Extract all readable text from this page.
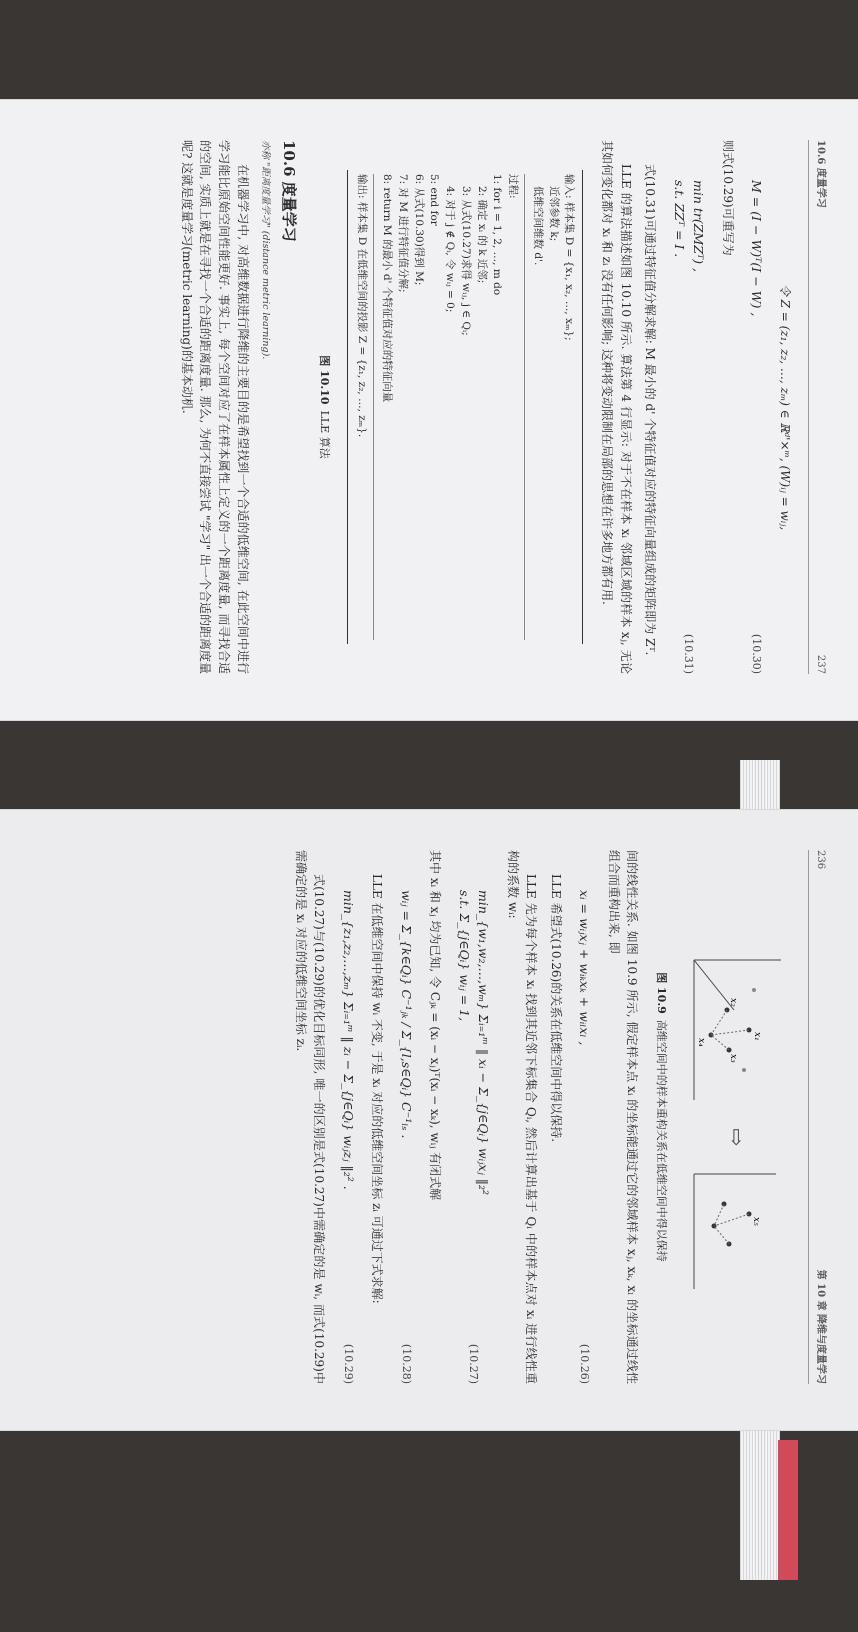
10.6 度量学习
237
令 Z = (z₁, z₂, …, zₘ) ∈ ℝᵈ'×ᵐ, (W)ᵢⱼ = wᵢⱼ,
M = (I − W)ᵀ(I − W) ,
(10.30)
则式(10.29)可重写为
min tr(ZMZᵀ) ,
s.t. ZZᵀ = I .
(10.31)
式(10.31)可通过特征值分解求解: M 最小的 d' 个特征值对应的特征向量组成的矩阵即为 Zᵀ.
LLE 的算法描述如图 10.10 所示. 算法第 4 行显示: 对于不在样本 xᵢ 邻域区域的样本 xⱼ, 无论其如何变化都对 xᵢ 和 zᵢ 没有任何影响; 这种将变动限制在局部的思想在许多地方都有用.
输入: 样本集 D = {x₁, x₂, …, xₘ};
近邻参数 k;
低维空间维数 d'.
过程:
1: for i = 1, 2, …, m do
2: 确定 xᵢ 的 k 近邻;
3: 从式(10.27)求得 wᵢⱼ, j ∈ Qᵢ;
4: 对于 j ∉ Qᵢ, 令 wᵢⱼ = 0;
5: end for
6: 从式(10.30)得到 M;
7: 对 M 进行特征值分解;
8: return M 的最小 d' 个特征值对应的特征向量
输出: 样本集 D 在低维空间的投影 Z = {z₁, z₂, …, zₘ}.
图 10.10LLE 算法
10.6 度量学习
亦称 "距离度量学习" (distance metric learning).
在机器学习中, 对高维数据进行降维的主要目的是希望找到一个合适的低维空间, 在此空间中进行学习能比原始空间性能更好. 事实上, 每个空间对应了在样本属性上定义的一个距离度量, 而寻找合适的空间, 实质上就是在寻找一个合适的距离度量. 那么, 为何不直接尝试 "学习" 出一个合适的距离度量呢? 这就是度量学习(metric learning)的基本动机.
236
第 10 章 降维与度量学习
x₁
x₂
x₃
x₄
⇨
x₅
图 10.9高维空间中的样本重构关系在低维空间中得以保持
间的线性关系. 如图 10.9 所示, 假定样本点 xᵢ 的坐标能通过它的邻域样本 xⱼ, xₖ, xₗ 的坐标通过线性组合而重构出来, 即
xᵢ = wᵢⱼxⱼ + wᵢₖxₖ + wᵢₗxₗ ,
(10.26)
LLE 希望式(10.26)的关系在低维空间中得以保持.
LLE 先为每个样本 xᵢ 找到其近邻下标集合 Qᵢ, 然后计算出基于 Qᵢ 中的样本点对 xᵢ 进行线性重构的系数 wᵢ:
min_{w₁,w₂,…,wₘ} Σᵢ₌₁ᵐ ‖ xᵢ − Σ_{j∈Qᵢ} wᵢⱼxⱼ ‖₂²
s.t. Σ_{j∈Qᵢ} wᵢⱼ = 1,
(10.27)
其中 xᵢ 和 xⱼ 均为已知, 令 Cⱼₖ = (xᵢ − xⱼ)ᵀ(xᵢ − xₖ), wᵢⱼ 有闭式解
wᵢⱼ = Σ_{k∈Qᵢ} C⁻¹ⱼₖ / Σ_{l,s∈Qᵢ} C⁻¹ₗₛ .
(10.28)
LLE 在低维空间中保持 wᵢ 不变, 于是 xᵢ 对应的低维空间坐标 zᵢ 可通过下式求解:
min_{z₁,z₂,…,zₘ} Σᵢ₌₁ᵐ ‖ zᵢ − Σ_{j∈Qᵢ} wᵢⱼzⱼ ‖₂² .
(10.29)
式(10.27)与(10.29)的优化目标同形, 唯一的区别是式(10.27)中需确定的是 wᵢ, 而式(10.29)中需确定的是 xᵢ 对应的低维空间坐标 zᵢ.
